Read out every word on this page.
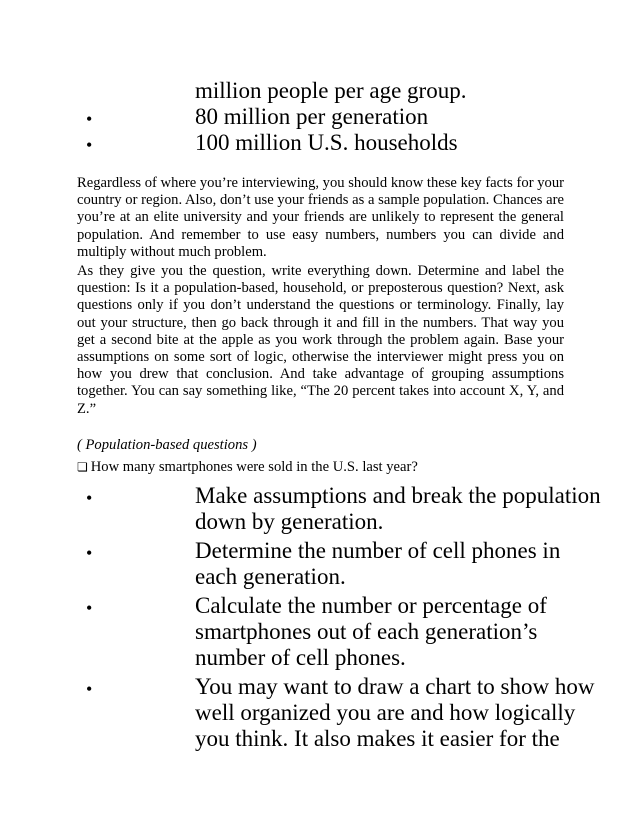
million people per age group.
•	80 million per generation
•	100 million U.S. households
Regardless of where you’re interviewing, you should know these key facts for your country or region. Also, don’t use your friends as a sample population. Chances are you’re at an elite university and your friends are unlikely to represent the general population. And remember to use easy numbers, numbers you can divide and multiply without much problem.
As they give you the question, write everything down. Determine and label the question: Is it a population-based, household, or preposterous question? Next, ask questions only if you don’t understand the questions or terminology. Finally, lay out your structure, then go back through it and fill in the numbers. That way you get a second bite at the apple as you work through the problem again. Base your assumptions on some sort of logic, otherwise the interviewer might press you on how you drew that conclusion. And take advantage of grouping assumptions together. You can say something like, “The 20 percent takes into account X, Y, and Z.”

( Population-based questions )

❏ How many smartphones were sold in the U.S. last year?

•	Make assumptions and break the population
down by generation.
•	Determine the number of cell phones in
each generation.
•	Calculate the number or percentage of
smartphones out of each generation’s
number of cell phones.
•	You may want to draw a chart to show how
well organized you are and how logically
you think. It also makes it easier for the
